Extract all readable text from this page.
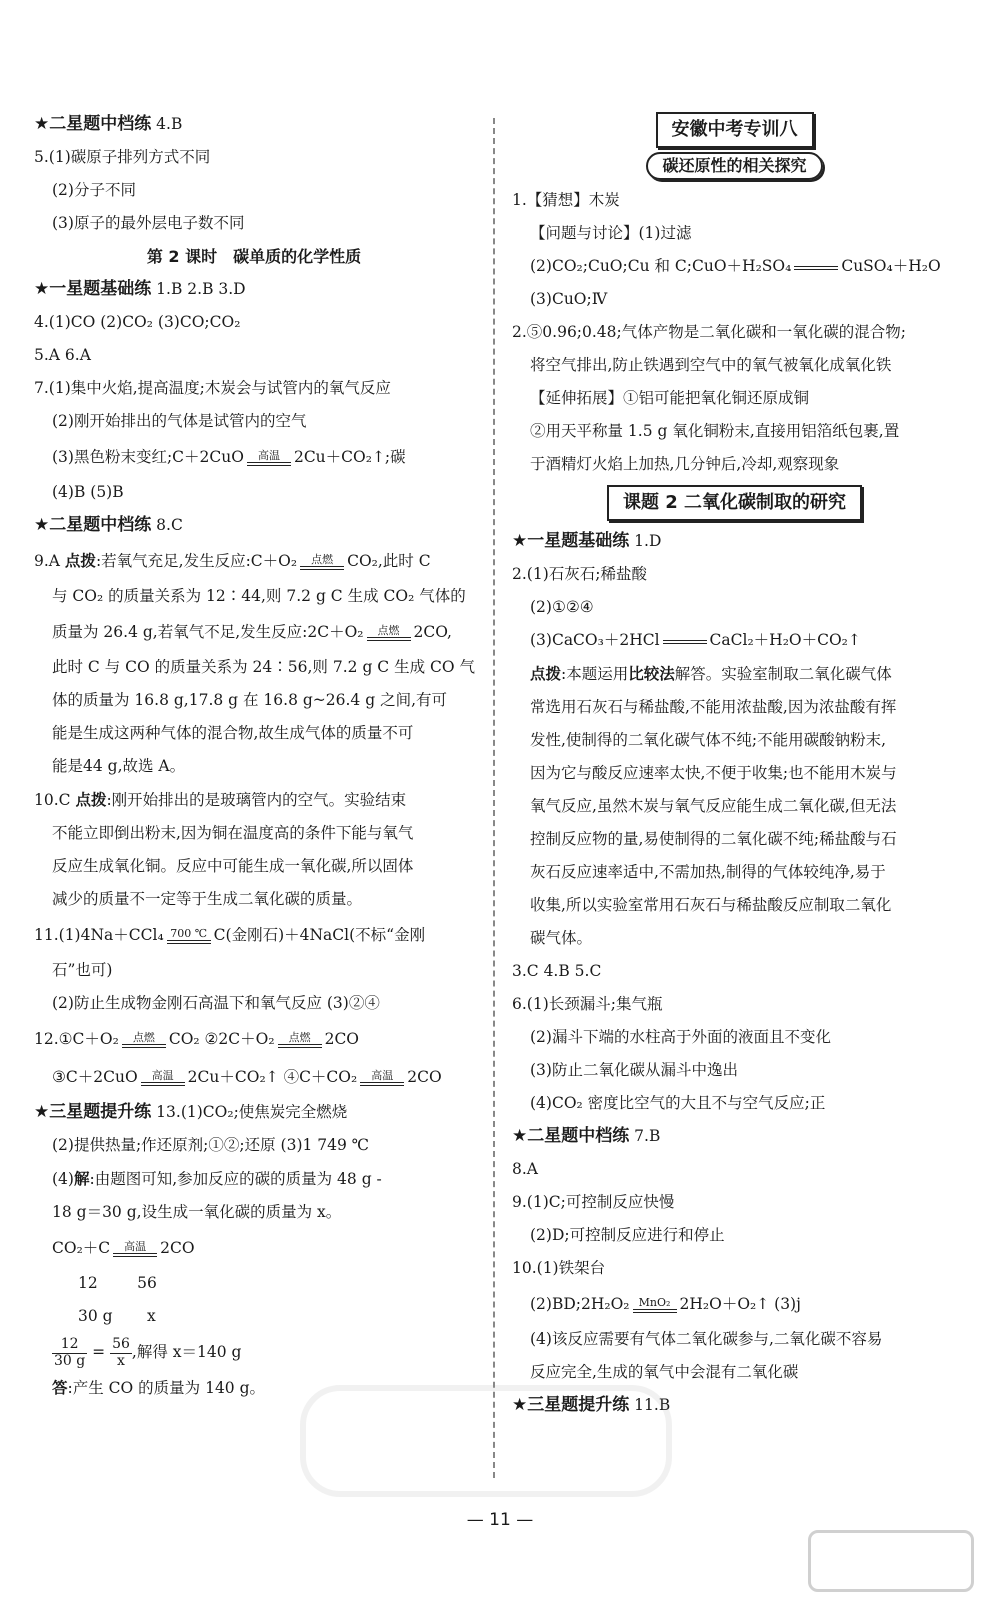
★二星题中档练 4.B
5.(1)碳原子排列方式不同
(2)分子不同
(3)原子的最外层电子数不同
第 2 课时　碳单质的化学性质
★一星题基础练 1.B 2.B 3.D
4.(1)CO (2)CO₂ (3)CO;CO₂
5.A 6.A
7.(1)集中火焰,提高温度;木炭会与试管内的氧气反应
(2)刚开始排出的气体是试管内的空气
(3)黑色粉末变红;C＋2CuO	高温 2Cu＋CO₂↑;碳
(4)B (5)B
★二星题中档练 8.C
9.A 点拨:若氧气充足,发生反应:C＋O₂	点燃 CO₂,此时 C
与 CO₂ 的质量关系为 12∶44,则 7.2 g C 生成 CO₂ 气体的
质量为 26.4 g,若氧气不足,发生反应:2C＋O₂	点燃 2CO,
此时 C 与 CO 的质量关系为 24∶56,则 7.2 g C 生成 CO 气
体的质量为 16.8 g,17.8 g 在 16.8 g~26.4 g 之间,有可
能是生成这两种气体的混合物,故生成气体的质量不可
能是44 g,故选 A。
10.C 点拨:刚开始排出的是玻璃管内的空气。实验结束
不能立即倒出粉末,因为铜在温度高的条件下能与氧气
反应生成氧化铜。反应中可能生成一氧化碳,所以固体
减少的质量不一定等于生成二氧化碳的质量。
11.(1)4Na＋CCl₄ 700 ℃ C(金刚石)＋4NaCl(不标“金刚
石”也可)
(2)防止生成物金刚石高温下和氧气反应 (3)②④
12.①C＋O₂	点燃 CO₂ ②2C＋O₂	点燃 2CO
③C＋2CuO	高温 2Cu＋CO₂↑ ④C＋CO₂	高温 2CO
★三星题提升练 13.(1)CO₂;使焦炭完全燃烧
(2)提供热量;作还原剂;①②;还原 (3)1 749 ℃
(4)解:由题图可知,参加反应的碳的质量为 48 g -
18 g＝30 g,设生成一氧化碳的质量为 x。
CO₂＋C	高温 2CO
12        56
30 g       x
$\frac{12}{30 g} = \frac{56}{x}$ ,解得 x＝140 g
答:产生 CO 的质量为 140 g。
安徽中考专训八
碳还原性的相关探究
1.【猜想】木炭
【问题与讨论】(1)过滤
(2)CO₂;CuO;Cu 和 C;CuO＋H₂SO₄	CuSO₄＋H₂O
(3)CuO;Ⅳ
2.⑤0.96;0.48;气体产物是二氧化碳和一氧化碳的混合物;
将空气排出,防止铁遇到空气中的氧气被氧化成氧化铁
【延伸拓展】①铝可能把氧化铜还原成铜
②用天平称量 1.5 g 氧化铜粉末,直接用铝箔纸包裹,置
于酒精灯火焰上加热,几分钟后,冷却,观察现象
课题 2 二氧化碳制取的研究
★一星题基础练 1.D
2.(1)石灰石;稀盐酸
(2)①②④
(3)CaCO₃＋2HCl	CaCl₂＋H₂O＋CO₂↑
点拨:本题运用比较法解答。实验室制取二氧化碳气体
常选用石灰石与稀盐酸,不能用浓盐酸,因为浓盐酸有挥
发性,使制得的二氧化碳气体不纯;不能用碳酸钠粉末,
因为它与酸反应速率太快,不便于收集;也不能用木炭与
氧气反应,虽然木炭与氧气反应能生成二氧化碳,但无法
控制反应物的量,易使制得的二氧化碳不纯;稀盐酸与石
灰石反应速率适中,不需加热,制得的气体较纯净,易于
收集,所以实验室常用石灰石与稀盐酸反应制取二氧化
碳气体。
3.C 4.B 5.C
6.(1)长颈漏斗;集气瓶
(2)漏斗下端的水柱高于外面的液面且不变化
(3)防止二氧化碳从漏斗中逸出
(4)CO₂ 密度比空气的大且不与空气反应;正
★二星题中档练 7.B
8.A
9.(1)C;可控制反应快慢
(2)D;可控制反应进行和停止
10.(1)铁架台
(2)BD;2H₂O₂ MnO₂ 2H₂O＋O₂↑ (3)j
(4)该反应需要有气体二氧化碳参与,二氧化碳不容易
反应完全,生成的氧气中会混有二氧化碳
★三星题提升练 11.B
— 11 —
